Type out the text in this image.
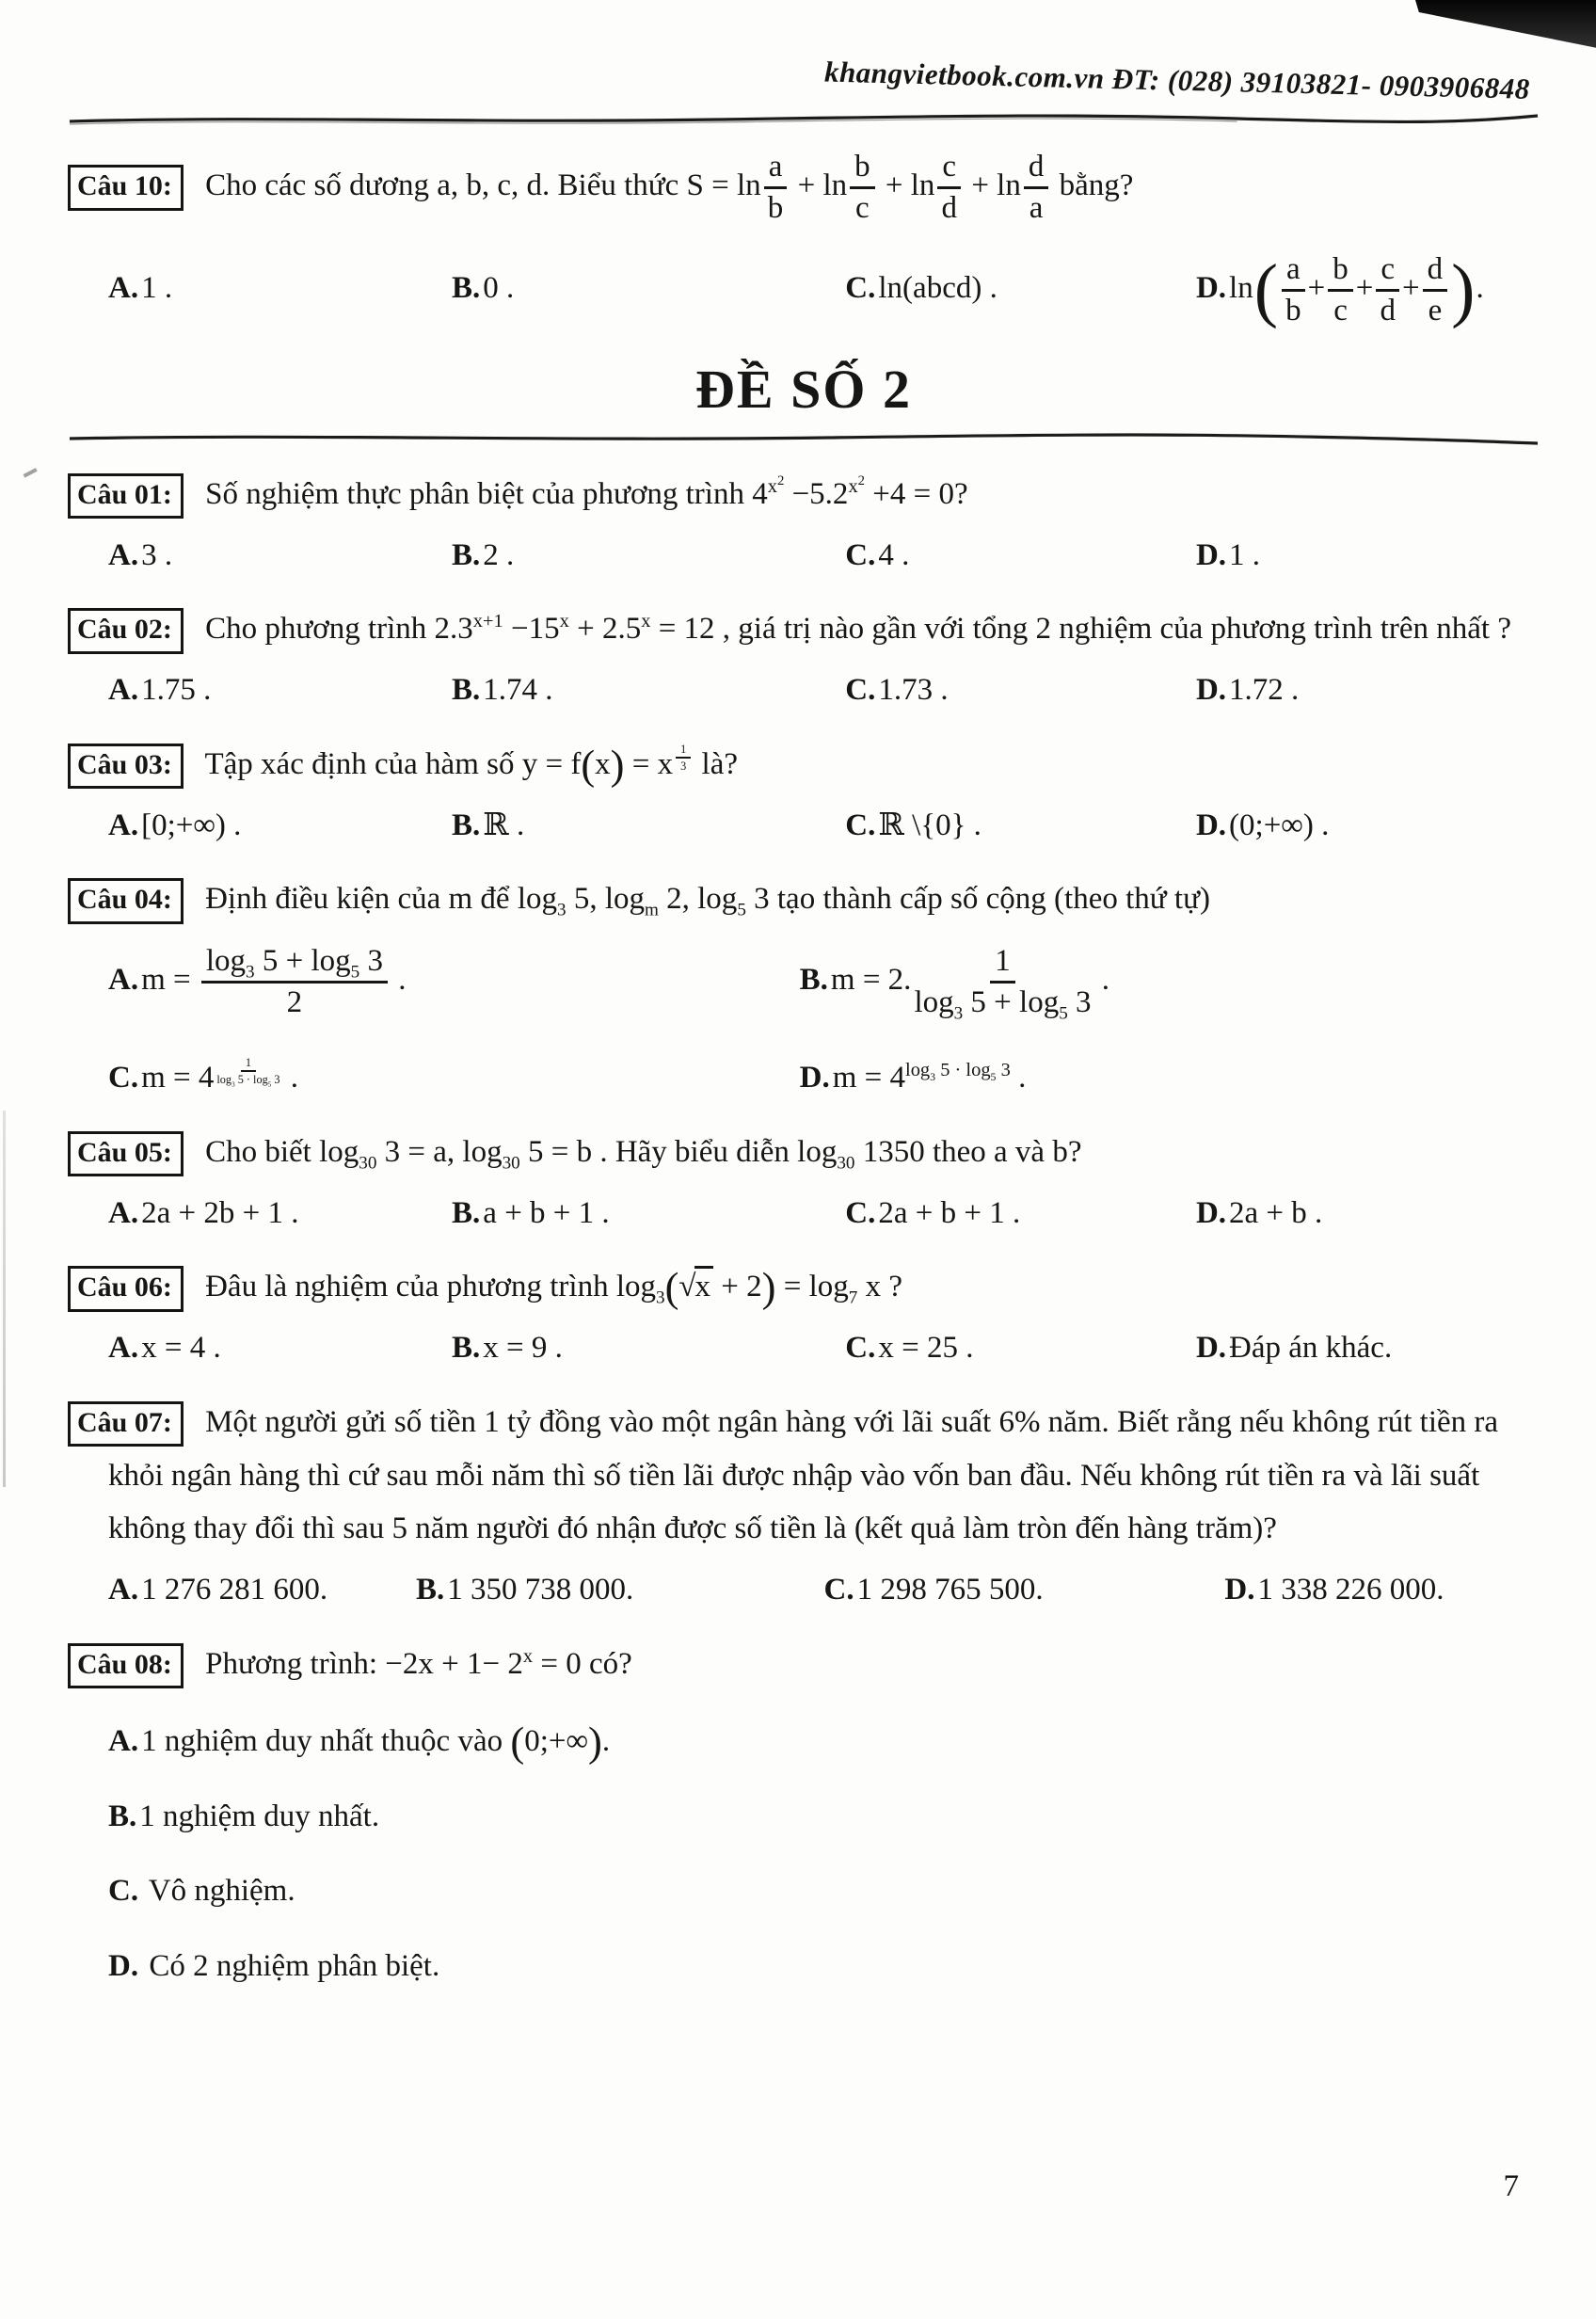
khangvietbook.com.vn ĐT: (028) 39103821- 0903906848
Câu 10: Cho các số dương a, b, c, d. Biểu thức $S = \ln \frac{a}{b} + \ln \frac{b}{c} + \ln \frac{c}{d} + \ln \frac{d}{a}$ bằng?
A.1 .	B.0 .	C.ln(abcd) .	$D.\ln( \frac{a}{b} + \frac{b}{c} + \frac{c}{d} + \frac{d}{e}$ ).
ĐỀ SỐ 2
Câu 01: Số nghiệm thực phân biệt của phương trình $4^{x^2} -5.2^{x^2} +4 = 0$?
A.3 .	B.2 .	C.4 .	D.1 .
Câu 02: Cho phương trình $2.3^{x+1} -15^x + 2.5^x = 12$ , giá trị nào gần với tổng 2 nghiệm của phương trình trên nhất ?
A.1.75 .	B.1.74 .	C.1.73 .	D.1.72 .
Câu 03: Tập xác định của hàm số y = f(x) = x $^{\frac{1}{3}}$ là?
A.[0;+∞) .	B.ℝ .	C.ℝ \{0} .	D.(0;+∞) .
Câu 04: Định điều kiện của m để $\log_3 5$, $\log_m 2$, $\log_5 3$ tạo thành cấp số cộng (theo thứ tự)
$A.m = \frac{\log_3 5 + \log_5 3}{2}$ .	B.m = 2. $\frac{1}{\log_3 5 + \log_5 3}$ .
C.m = 4 $^{\frac{1}{\log_3 5 \cdot \log_5 3}}$ .	$D.m = 4^{log_3 5 \cdot log_5 3}$ .
Câu 05: Cho biết $\log_{30} 3 = a$, $\log_{30} 5 = b$ . Hãy biểu diễn $\log_{30} 1350$ theo a và b?
A.2a + 2b + 1 .	B.a + b + 1 .	C.2a + b + 1 .	D.2a + b .
Câu 06: Đâu là nghiệm của phương trình $\log_3(√x + 2) = \log_7 x$ ?
A.x = 4 .	B.x = 9 .	C.x = 25 .	D.Đáp án khác.
Câu 07: Một người gửi số tiền 1 tỷ đồng vào một ngân hàng với lãi suất 6% năm. Biết rằng nếu không rút tiền ra khỏi ngân hàng thì cứ sau mỗi năm thì số tiền lãi được nhập vào vốn ban đầu. Nếu không rút tiền ra và lãi suất không thay đổi thì sau 5 năm người đó nhận được số tiền là (kết quả làm tròn đến hàng trăm)?
A.1 276 281 600.	B.1 350 738 000.	C.1 298 765 500.	D.1 338 226 000.
Câu 08: Phương trình: $-2x + 1- 2^x = 0$ có?
A.1 nghiệm duy nhất thuộc vào (0;+∞).
B.1 nghiệm duy nhất.
C. Vô nghiệm.
D. Có 2 nghiệm phân biệt.
7
